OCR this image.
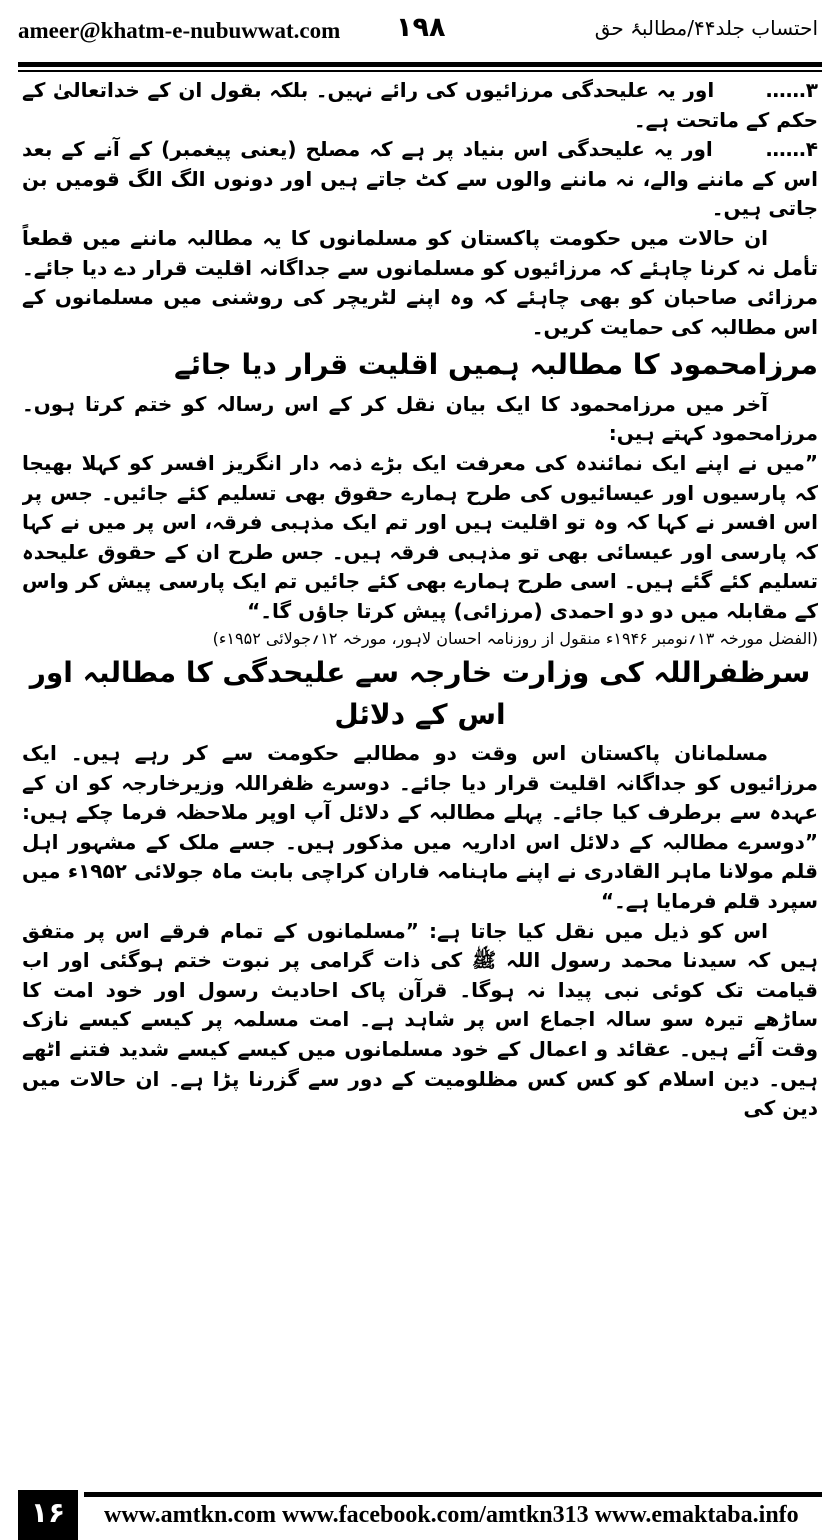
ameer@khatm-e-nubuwwat.com ۱۹۸	احتساب جلد۴۴/مطالبۂ حق

۳…… اور یہ علیحدگی مرزائیوں کی رائے نہیں۔ بلکہ بقول ان کے خداتعالیٰ کے حکم کے ماتحت ہے۔

۴…… اور یہ علیحدگی اس بنیاد پر ہے کہ مصلح (یعنی پیغمبر) کے آنے کے بعد اس کے ماننے والے، نہ ماننے والوں سے کٹ جاتے ہیں اور دونوں الگ الگ قومیں بن جاتی ہیں۔

ان حالات میں حکومت پاکستان کو مسلمانوں کا یہ مطالبہ ماننے میں قطعاً تأمل نہ کرنا چاہئے کہ مرزائیوں کو مسلمانوں سے جداگانہ اقلیت قرار دے دیا جائے۔ مرزائی صاحبان کو بھی چاہئے کہ وہ اپنے لٹریچر کی روشنی میں مسلمانوں کے اس مطالبہ کی حمایت کریں۔

مرزامحمود کا مطالبہ ہمیں اقلیت قرار دیا جائے

آخر میں مرزامحمود کا ایک بیان نقل کر کے اس رسالہ کو ختم کرتا ہوں۔ مرزامحمود کہتے ہیں:

”میں نے اپنے ایک نمائندہ کی معرفت ایک بڑے ذمہ دار انگریز افسر کو کہلا بھیجا کہ پارسیوں اور عیسائیوں کی طرح ہمارے حقوق بھی تسلیم کئے جائیں۔ جس پر اس افسر نے کہا کہ وہ تو اقلیت ہیں اور تم ایک مذہبی فرقہ، اس پر میں نے کہا کہ پارسی اور عیسائی بھی تو مذہبی فرقہ ہیں۔ جس طرح ان کے حقوق علیحدہ تسلیم کئے گئے ہیں۔ اسی طرح ہمارے بھی کئے جائیں تم ایک پارسی پیش کر واس کے مقابلہ میں دو دو احمدی (مرزائی) پیش کرتا جاؤں گا۔“

(الفضل مورخہ ۱۳؍نومبر ۱۹۴۶ء منقول از روزنامہ احسان لاہور، مورخہ ۱۲؍جولائی ۱۹۵۲ء)

سرظفراللہ کی وزارت خارجہ سے علیحدگی کا مطالبہ اور اس کے دلائل

مسلمانان پاکستان اس وقت دو مطالبے حکومت سے کر رہے ہیں۔ ایک مرزائیوں کو جداگانہ اقلیت قرار دیا جائے۔ دوسرے ظفراللہ وزیرخارجہ کو ان کے عہدہ سے برطرف کیا جائے۔ پہلے مطالبہ کے دلائل آپ اوپر ملاحظہ فرما چکے ہیں: ”دوسرے مطالبہ کے دلائل اس اداریہ میں مذکور ہیں۔ جسے ملک کے مشہور اہل قلم مولانا ماہر القادری نے اپنے ماہنامہ فاران کراچی بابت ماہ جولائی ۱۹۵۲ء میں سپرد قلم فرمایا ہے۔“

اس کو ذیل میں نقل کیا جاتا ہے: ”مسلمانوں کے تمام فرقے اس پر متفق ہیں کہ سیدنا محمد رسول اللہ ﷺ کی ذات گرامی پر نبوت ختم ہوگئی اور اب قیامت تک کوئی نبی پیدا نہ ہوگا۔ قرآن پاک احادیث رسول اور خود امت کا ساڑھے تیرہ سو سالہ اجماع اس پر شاہد ہے۔ امت مسلمہ پر کیسے کیسے نازک وقت آئے ہیں۔ عقائد و اعمال کے خود مسلمانوں میں کیسے کیسے شدید فتنے اٹھے ہیں۔ دین اسلام کو کس کس مظلومیت کے دور سے گزرنا پڑا ہے۔ ان حالات میں دین کی

۱۶	www.amtkn.com www.facebook.com/amtkn313 www.emaktaba.info
